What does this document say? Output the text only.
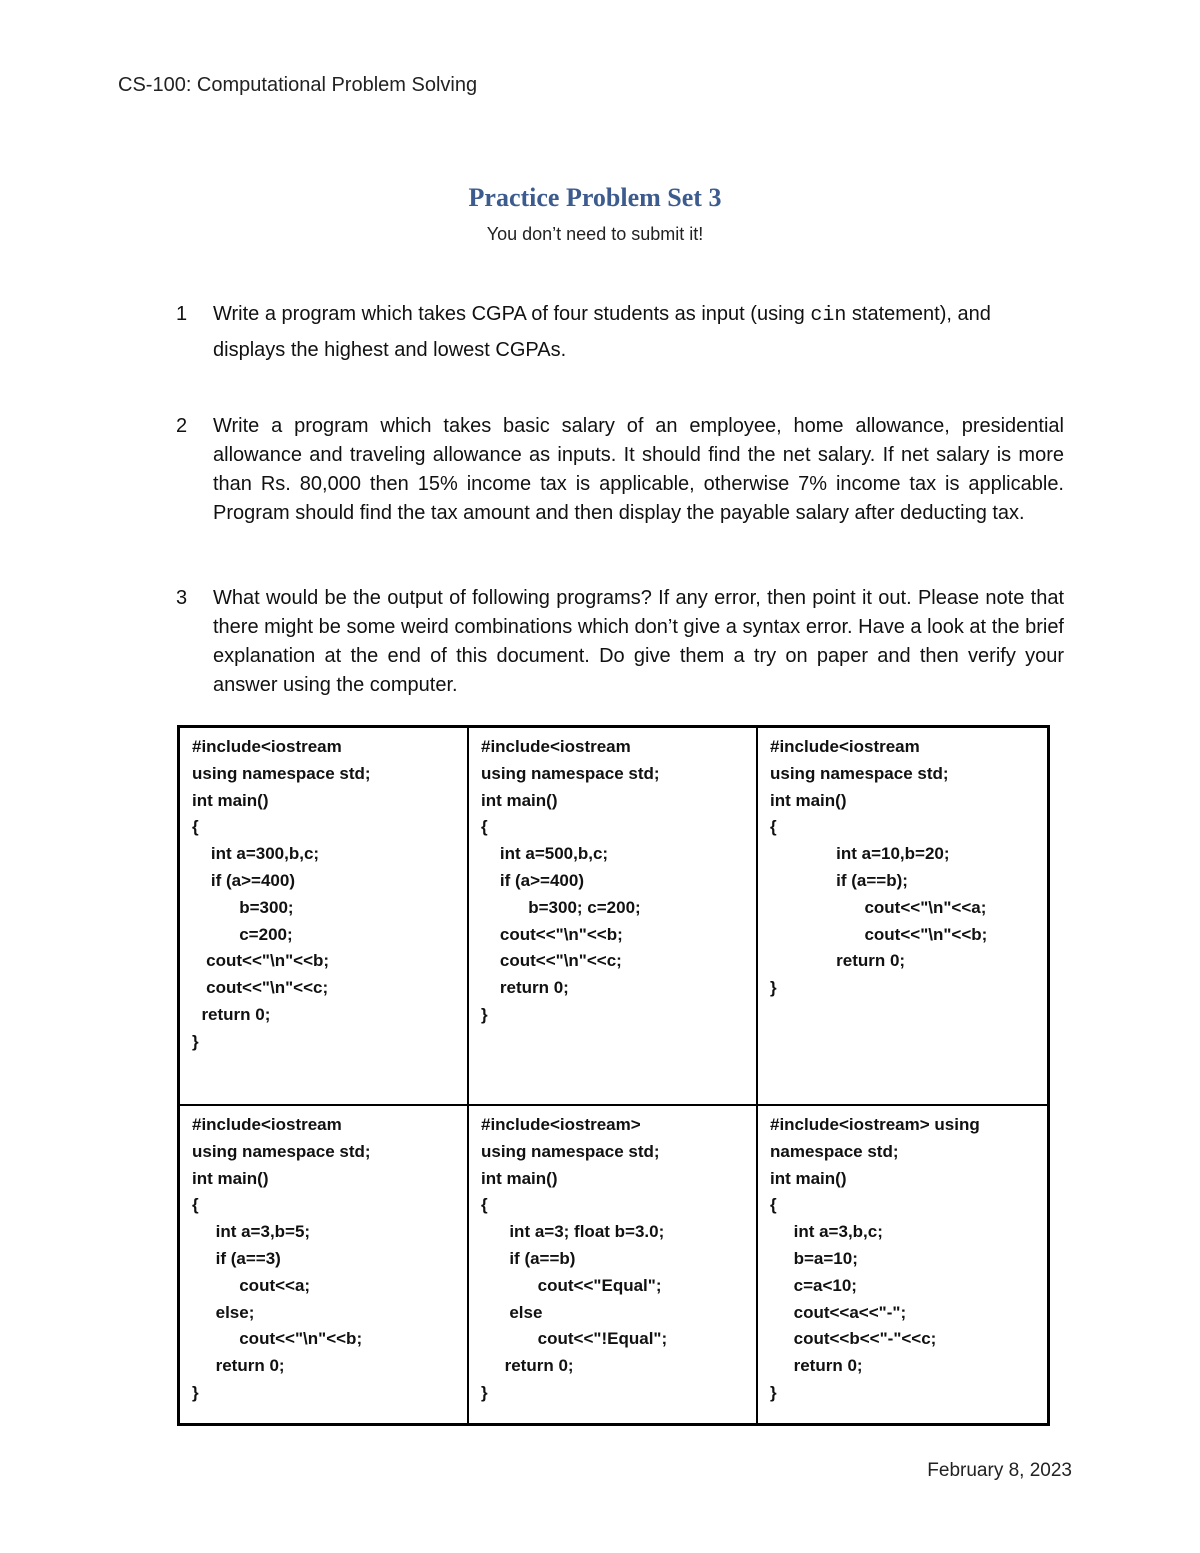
CS-100: Computational Problem Solving
Practice Problem Set 3
You don’t need to submit it!
1 Write a program which takes CGPA of four students as input (using cin statement), and displays the highest and lowest CGPAs.
2 Write a program which takes basic salary of an employee, home allowance, presidential allowance and traveling allowance as inputs. It should find the net salary. If net salary is more than Rs. 80,000 then 15% income tax is applicable, otherwise 7% income tax is applicable. Program should find the tax amount and then display the payable salary after deducting tax.
3 What would be the output of following programs? If any error, then point it out. Please note that there might be some weird combinations which don’t give a syntax error. Have a look at the brief explanation at the end of this document. Do give them a try on paper and then verify your answer using the computer.
#include<iostream
using namespace std;
int main()
{
int a=300,b,c;
if (a>=400)
b=300;
c=200;
cout<<"\n"<<b;
cout<<"\n"<<c;
return 0;
}
#include<iostream
using namespace std;
int main()
{
int a=500,b,c;
if (a>=400)
b=300; c=200;
cout<<"\n"<<b;
cout<<"\n"<<c;
return 0;
}
#include<iostream
using namespace std;
int main()
{
int a=10,b=20;
if (a==b);
cout<<"\n"<<a;
cout<<"\n"<<b;
return 0;
}
#include<iostream
using namespace std;
int main()
{
int a=3,b=5;
if (a==3)
cout<<a;
else;
cout<<"\n"<<b;
return 0;
}
#include<iostream>
using namespace std;
int main()
{
int a=3; float b=3.0;
if (a==b)
cout<<"Equal";
else
cout<<"!Equal";
return 0;
}
#include<iostream> using
namespace std;
int main()
{
int a=3,b,c;
b=a=10;
c=a<10;
cout<<a<<"-";
cout<<b<<"-"<<c;
return 0;
}
February 8, 2023
